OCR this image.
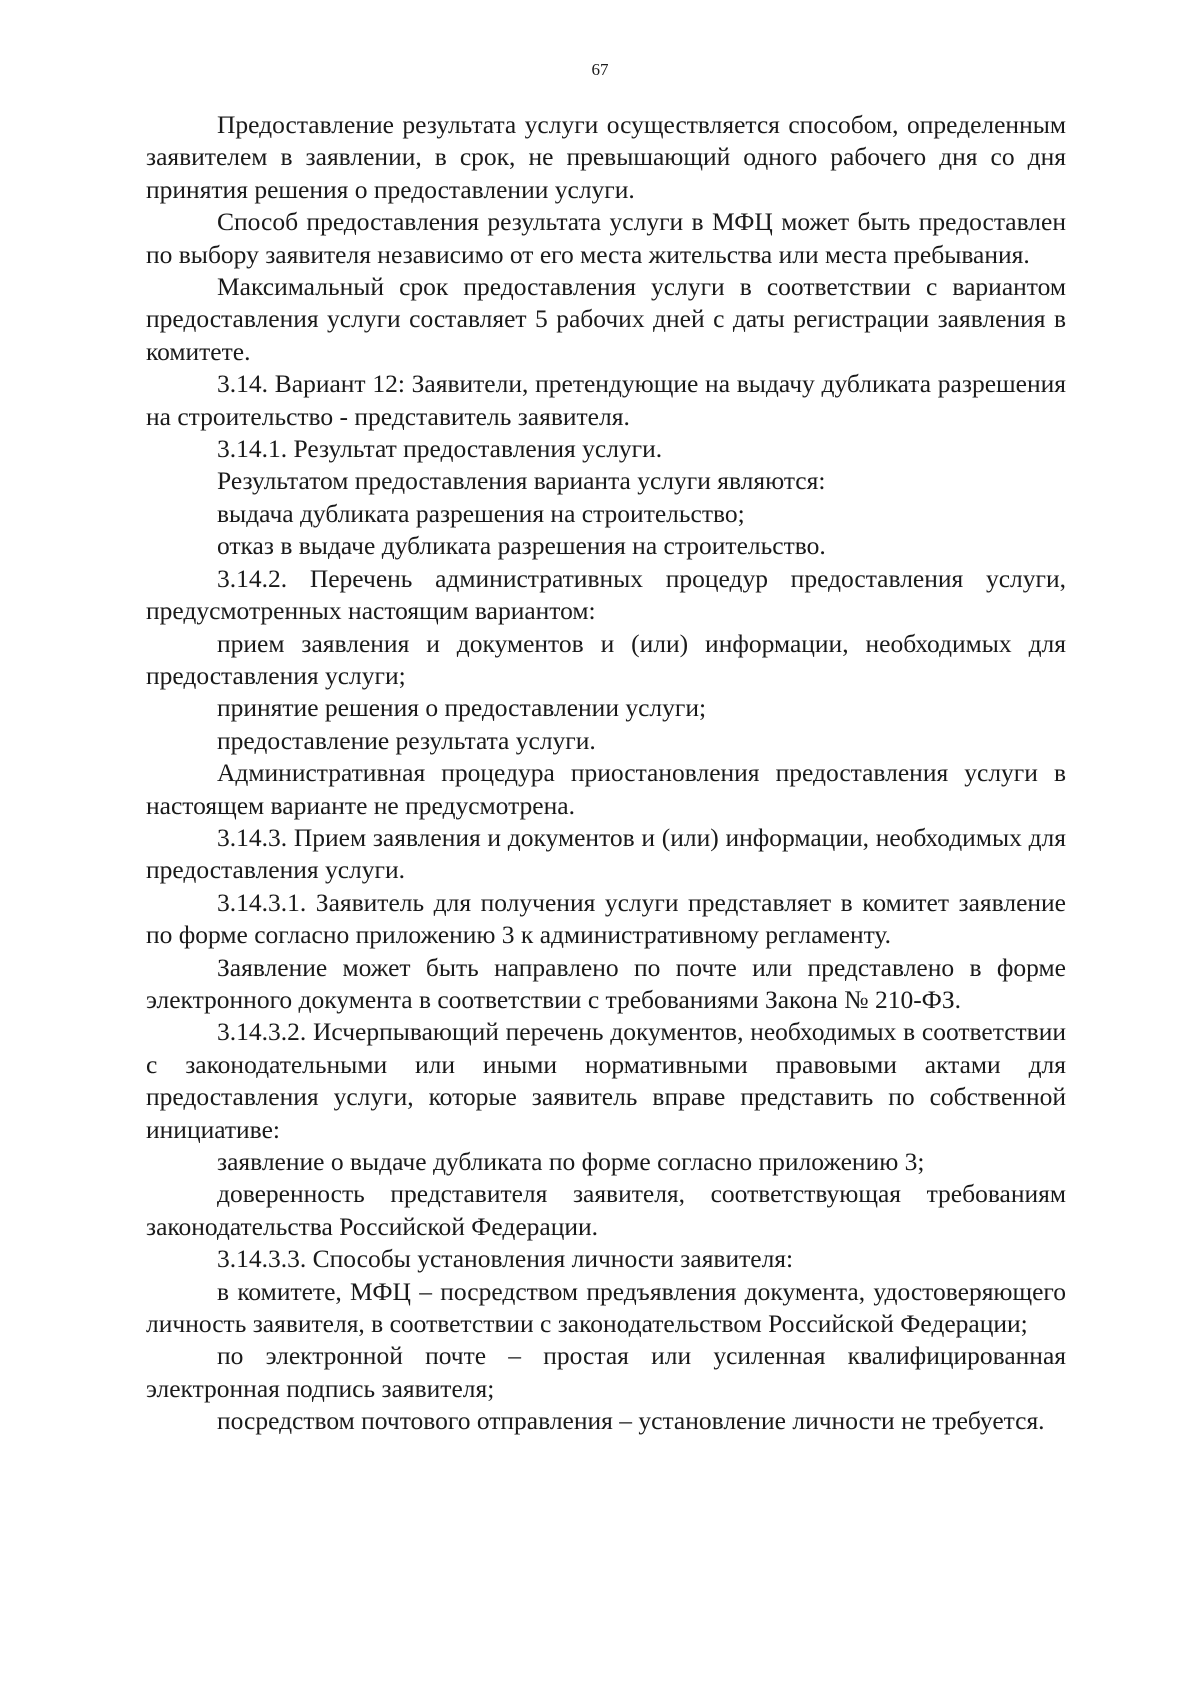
67

Предоставление результата услуги осуществляется способом, определенным заявителем в заявлении, в срок, не превышающий одного рабочего дня со дня принятия решения о предоставлении услуги.

Способ предоставления результата услуги в МФЦ может быть предоставлен по выбору заявителя независимо от его места жительства или места пребывания.

Максимальный срок предоставления услуги в соответствии с вариантом предоставления услуги составляет 5 рабочих дней с даты регистрации заявления в комитете.

3.14. Вариант 12: Заявители, претендующие на выдачу дубликата разрешения на строительство - представитель заявителя.

3.14.1. Результат предоставления услуги.

Результатом предоставления варианта услуги являются:

выдача дубликата разрешения на строительство;

отказ в выдаче дубликата разрешения на строительство.

3.14.2. Перечень административных процедур предоставления услуги, предусмотренных настоящим вариантом:

прием заявления и документов и (или) информации, необходимых для предоставления услуги;

принятие решения о предоставлении услуги;

предоставление результата услуги.

Административная процедура приостановления предоставления услуги в настоящем варианте не предусмотрена.

3.14.3. Прием заявления и документов и (или) информации, необходимых для предоставления услуги.

3.14.3.1. Заявитель для получения услуги представляет в комитет заявление по форме согласно приложению 3 к административному регламенту.

Заявление может быть направлено по почте или представлено в форме электронного документа в соответствии с требованиями Закона № 210-ФЗ.

3.14.3.2. Исчерпывающий перечень документов, необходимых в соответствии с законодательными или иными нормативными правовыми актами для предоставления услуги, которые заявитель вправе представить по собственной инициативе:

заявление о выдаче дубликата по форме согласно приложению 3;

доверенность представителя заявителя, соответствующая требованиям законодательства Российской Федерации.

3.14.3.3. Способы установления личности заявителя:

в комитете, МФЦ – посредством предъявления документа, удостоверяющего личность заявителя, в соответствии с законодательством Российской Федерации;

по электронной почте – простая или усиленная квалифицированная электронная подпись заявителя;

посредством почтового отправления – установление личности не требуется.
